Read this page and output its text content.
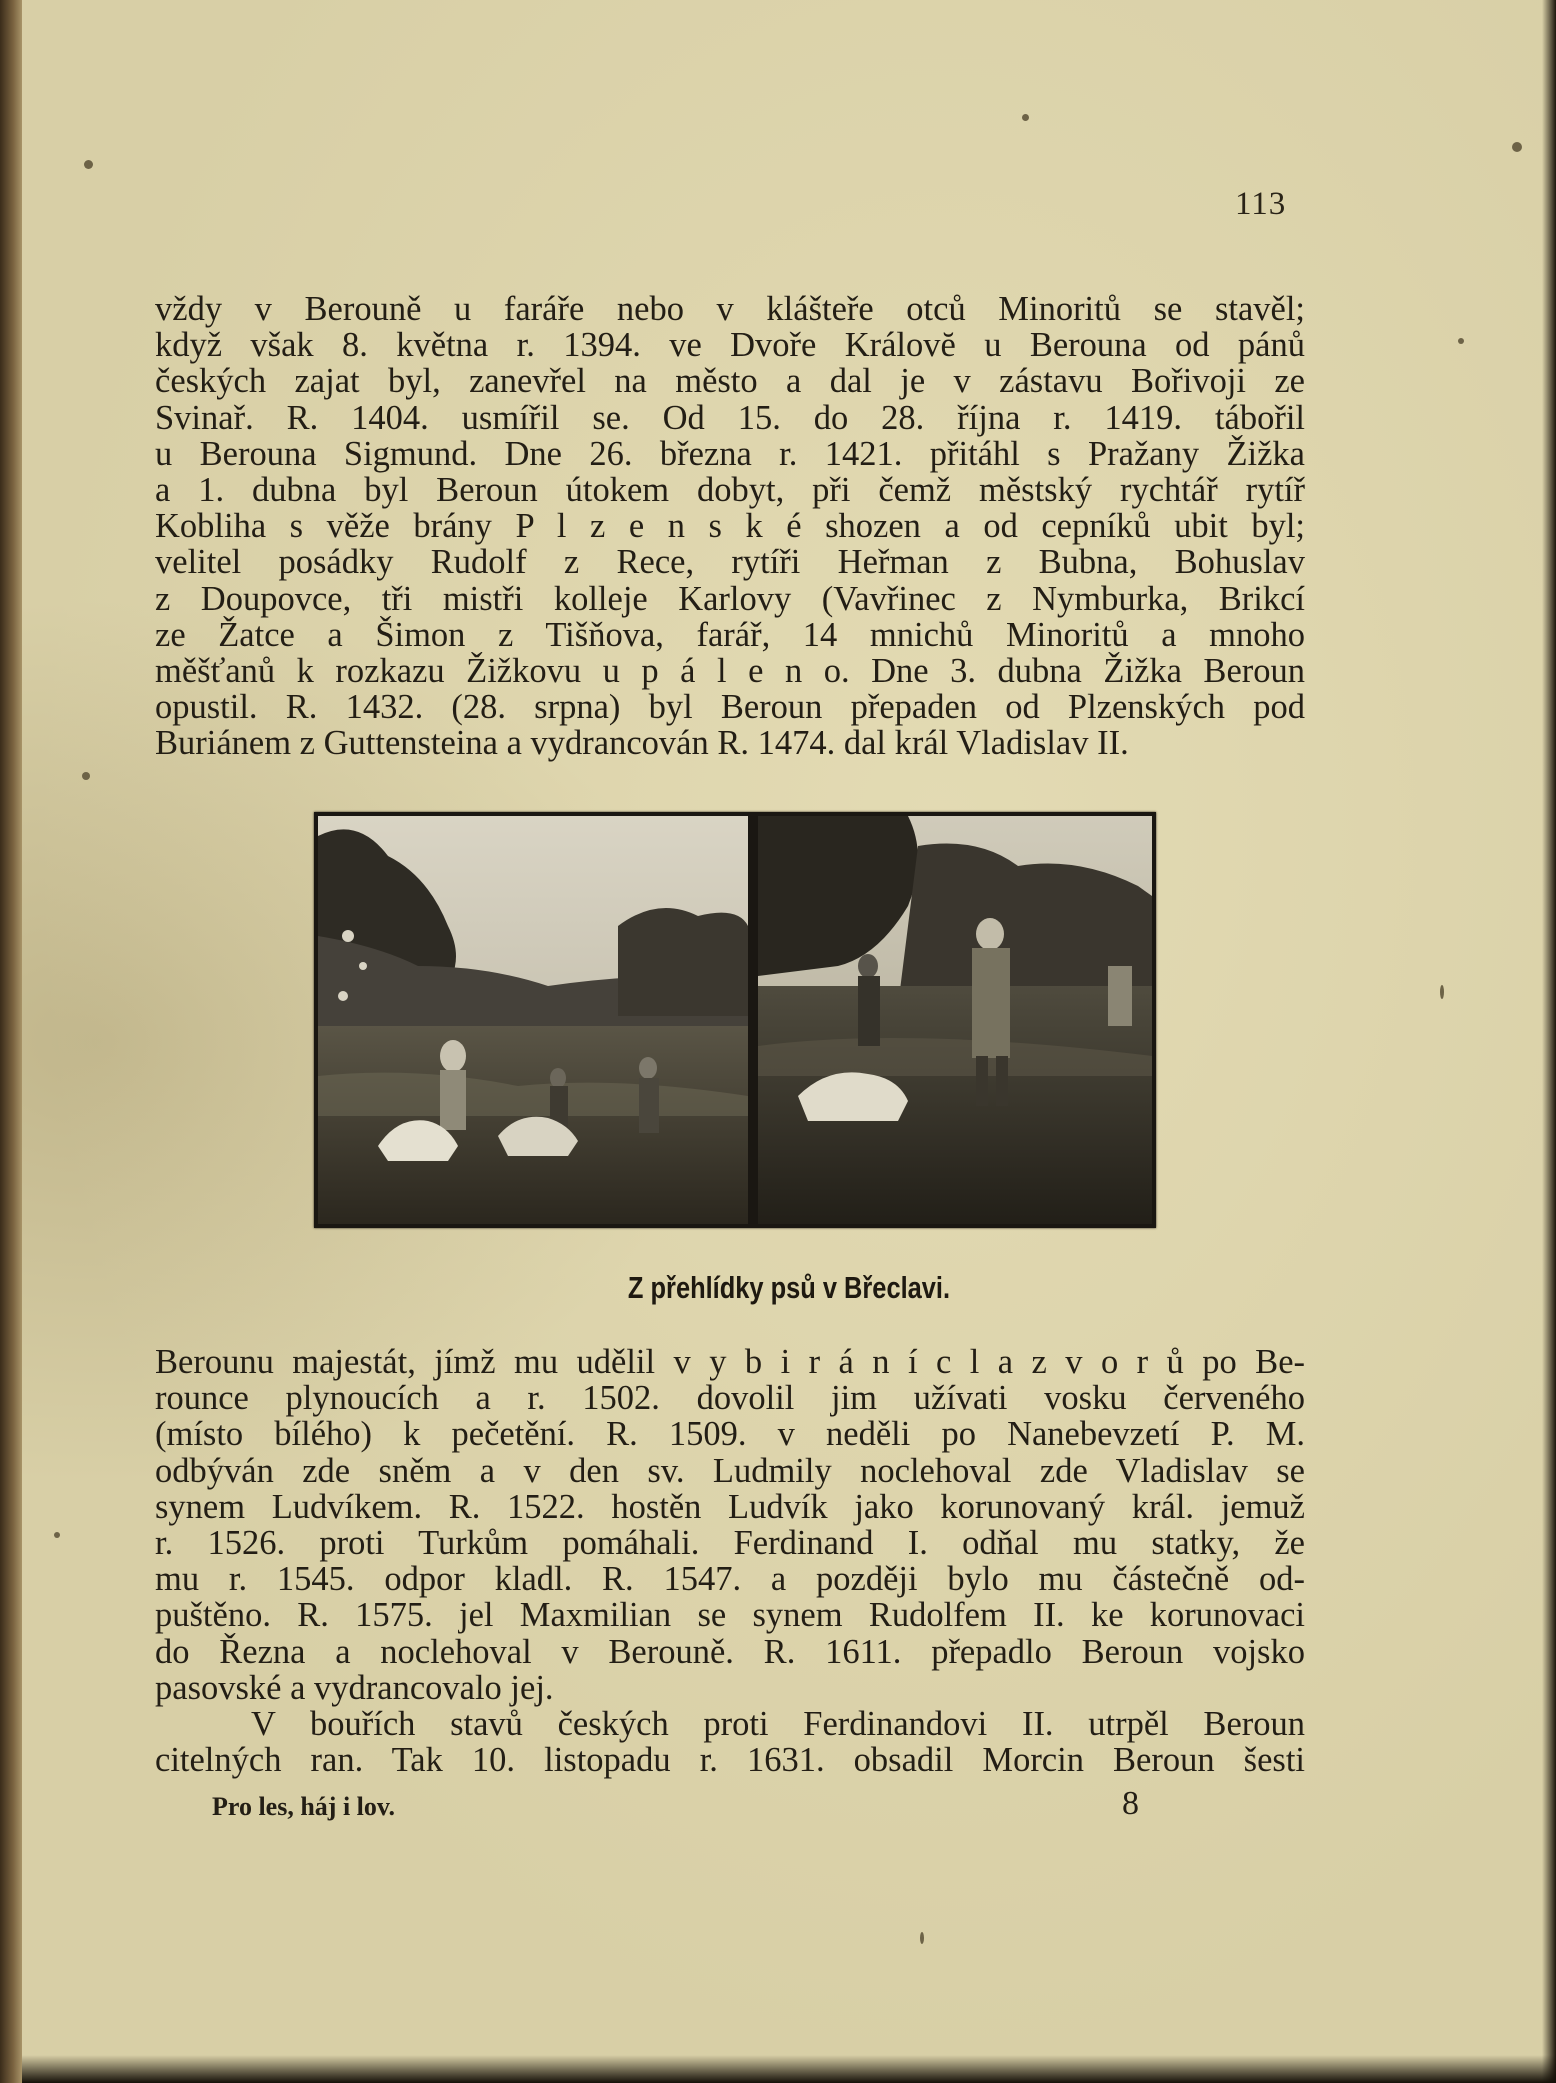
113
vždy v Berouně u faráře nebo v klášteře otců Minoritů se stavěl;
když však 8. května r. 1394. ve Dvoře Královĕ u Berouna od pánů
českých zajat byl, zanevřel na město a dal je v zástavu Bořivoji ze
Svinař. R. 1404. usmířil se. Od 15. do 28. října r. 1419. tábořil
u Berouna Sigmund. Dne 26. března r. 1421. přitáhl s Pražany Žižka
a 1. dubna byl Beroun útokem dobyt, při čemž městský rychtář rytíř
Kobliha s věže brány P l z e n s k é shozen a od cepníků ubit byl;
velitel posádky Rudolf z Rece, rytíři Heřman z Bubna, Bohuslav
z Doupovce, tři mistři kolleje Karlovy (Vavřinec z Nymburka, Brikcí
ze Žatce a Šimon z Tišňova, farář, 14 mnichů Minoritů a mnoho
měšťanů k rozkazu Žižkovu u p á l e n o. Dne 3. dubna Žižka Beroun
opustil. R. 1432. (28. srpna) byl Beroun přepaden od Plzenských pod
Buriánem z Guttensteina a vydrancován R. 1474. dal král Vladislav II.
Z přehlídky psů v Břeclavi.
Berounu majestát, jímž mu udělil v y b i r á n í c l a z v o r ů po Be-
rounce plynoucích a r. 1502. dovolil jim užívati vosku červeného
(místo bílého) k pečetění. R. 1509. v neděli po Nanebevzetí P. M.
odbýván zde sněm a v den sv. Ludmily noclehoval zde Vladislav se
synem Ludvíkem. R. 1522. hostěn Ludvík jako korunovaný král. jemuž
r. 1526. proti Turkům pomáhali. Ferdinand I. odňal mu statky, že
mu r. 1545. odpor kladl. R. 1547. a později bylo mu částečně od-
puštěno. R. 1575. jel Maxmilian se synem Rudolfem II. ke korunovaci
do Řezna a noclehoval v Berouně. R. 1611. přepadlo Beroun vojsko
pasovské a vydrancovalo jej.
V bouřích stavů českých proti Ferdinandovi II. utrpěl Beroun
citelných ran. Tak 10. listopadu r. 1631. obsadil Morcin Beroun šesti
Pro les, háj i lov.	8
